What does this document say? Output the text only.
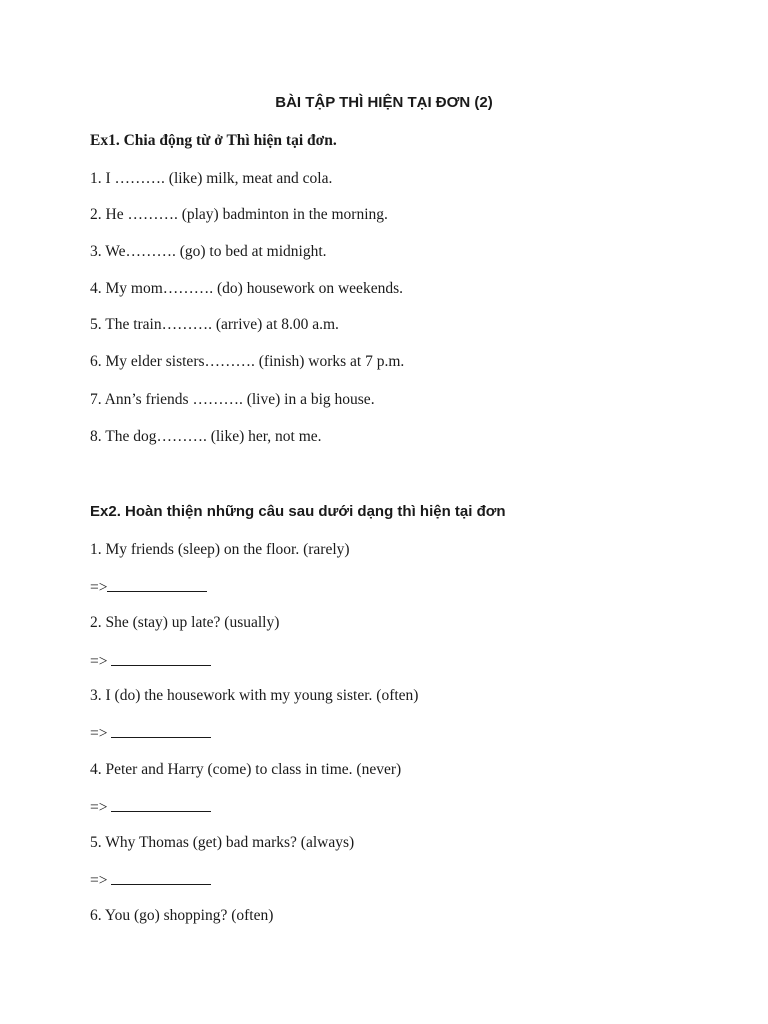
BÀI TẬP THÌ HIỆN TẠI ĐƠN (2)
Ex1. Chia động từ ở Thì hiện tại đơn.
1. I ………. (like) milk, meat and cola.
2. He ………. (play) badminton in the morning.
3. We………. (go) to bed at midnight.
4. My mom………. (do) housework on weekends.
5. The train………. (arrive) at 8.00 a.m.
6. My elder sisters………. (finish) works at 7 p.m.
7. Ann’s friends ………. (live) in a big house.
8. The dog………. (like) her, not me.
Ex2. Hoàn thiện những câu sau dưới dạng thì hiện tại đơn
1. My friends (sleep) on the floor. (rarely)
=>
2. She (stay) up late? (usually)
=>
3. I (do) the housework with my young sister. (often)
=>
4. Peter and Harry (come) to class in time. (never)
=>
5. Why Thomas (get) bad marks? (always)
=>
6. You (go) shopping? (often)
